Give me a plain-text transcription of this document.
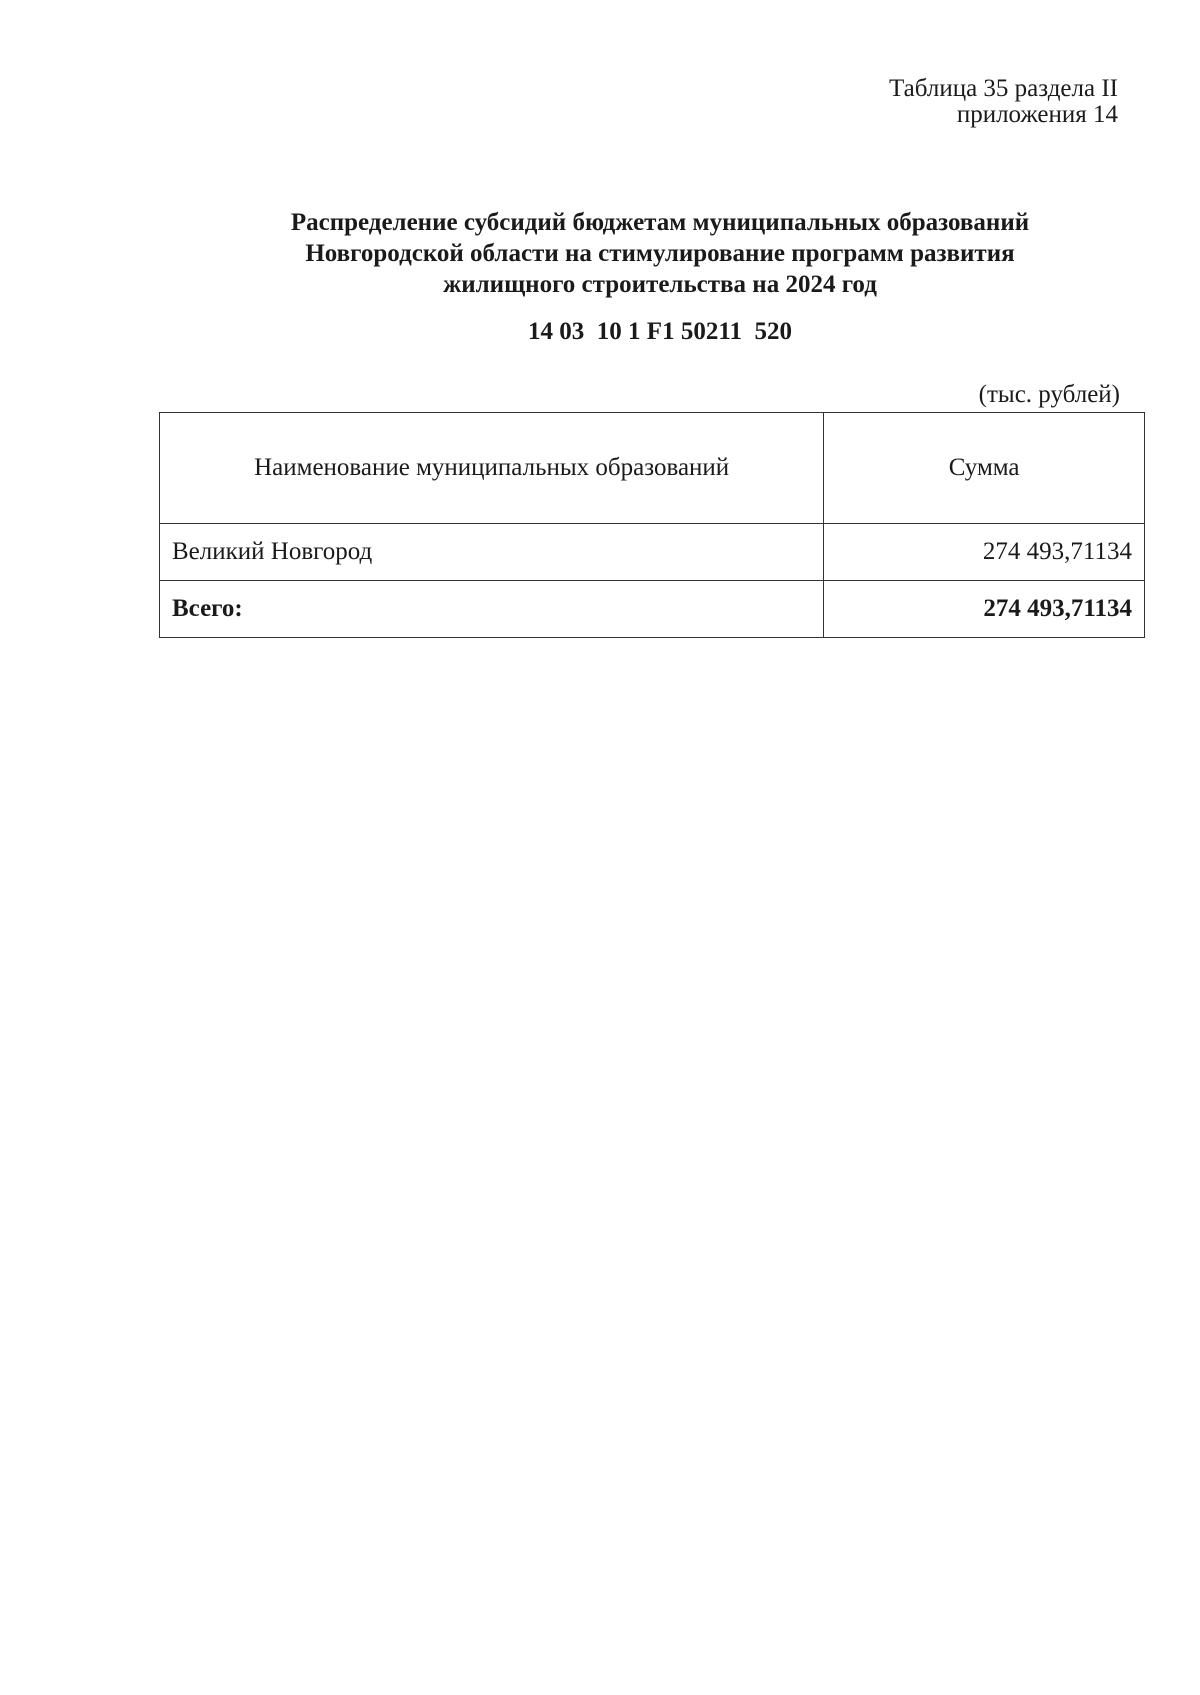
Таблица 35 раздела II
приложения 14
Распределение субсидий бюджетам муниципальных образований
Новгородской области на стимулирование программ развития
жилищного строительства на 2024 год
14 03  10 1 F1 50211  520
(тыс. рублей)
Наименование муниципальных образований	Сумма
Великий Новгород	274 493,71134
Всего:	274 493,71134
